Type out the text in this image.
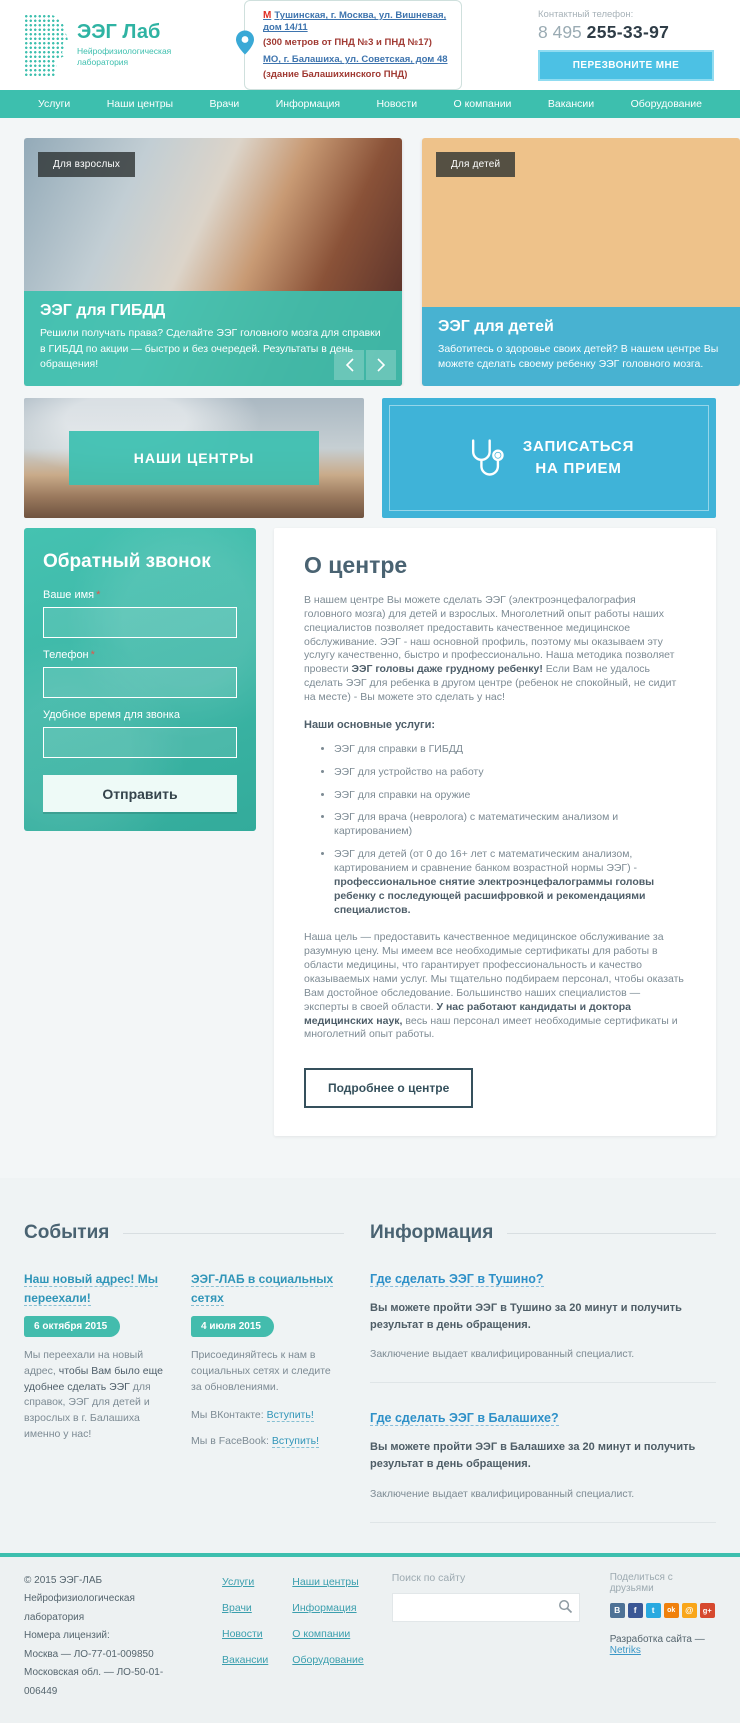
ЭЭГ Лаб
Нейрофизиологическая лаборатория
М Тушинская, г. Москва, ул. Вишневая, дом 14/11
(300 метров от ПНД №3 и ПНД №17)
МО, г. Балашиха, ул. Советская, дом 48
(здание Балашихинского ПНД)
Контактный телефон:
8 495 255-33-97
ПЕРЕЗВОНИТЕ МНЕ
Услуги	Наши центры	Врачи	Информация	Новости	О компании	Вакансии	Оборудование
Для взрослых
ЭЭГ для ГИБДД
Решили получать права? Сделайте ЭЭГ головного мозга для справки в ГИБДД по акции — быстро и без очередей. Результаты в день обращения!
Для детей
ЭЭГ для детей
Заботитесь о здоровье своих детей? В нашем центре Вы можете сделать своему ребенку ЭЭГ головного мозга.
НАШИ ЦЕНТРЫ
ЗАПИСАТЬСЯ
НА ПРИЕМ
Обратный звонок
Ваше имя *
Телефон *
Удобное время для звонка
Отправить
О центре

В нашем центре Вы можете сделать ЭЭГ (электроэнцефалография головного мозга) для детей и взрослых. Многолетний опыт работы наших специалистов позволяет предоставить качественное медицинское обслуживание. ЭЭГ - наш основной профиль, поэтому мы оказываем эту услугу качественно, быстро и профессионально. Наша методика позволяет провести ЭЭГ головы даже грудному ребенку! Если Вам не удалось сделать ЭЭГ для ребенка в другом центре (ребенок не спокойный, не сидит на месте) - Вы можете это сделать у нас!

Наши основные услуги:
• ЭЭГ для справки в ГИБДД
• ЭЭГ для устройство на работу
• ЭЭГ для справки на оружие
• ЭЭГ для врача (невролога) с математическим анализом и картированием)
• ЭЭГ для детей (от 0 до 16+ лет с математическим анализом, картированием и сравнение банком возрастной нормы ЭЭГ) - профессиональное снятие электроэнцефалограммы головы ребенку с последующей расшифровкой и рекомендациями специалистов.

Наша цель — предоставить качественное медицинское обслуживание за разумную цену. Мы имеем все необходимые сертификаты для работы в области медицины, что гарантирует профессиональность и качество оказываемых нами услуг. Мы тщательно подбираем персонал, чтобы оказать Вам достойное обследование. Большинство наших специалистов — эксперты в своей области. У нас работают кандидаты и доктора медицинских наук, весь наш персонал имеет необходимые сертификаты и многолетний опыт работы.

Подробнее о центре
События
Наш новый адрес! Мы переехали!
6 октября 2015
Мы переехали на новый адрес, чтобы Вам было еще удобнее сделать ЭЭГ для справок, ЭЭГ для детей и взрослых в г. Балашиха именно у нас!
ЭЭГ-ЛАБ в социальных сетях
4 июля 2015
Присоединяйтесь к нам в социальных сетях и следите за обновлениями.
Мы ВКонтакте: Вступить!
Мы в FaceBook: Вступить!
Информация
Где сделать ЭЭГ в Тушино?
Вы можете пройти ЭЭГ в Тушино за 20 минут и получить результат в день обращения.
Заключение выдает квалифицированный специалист.
Где сделать ЭЭГ в Балашихе?
Вы можете пройти ЭЭГ в Балашихе за 20 минут и получить результат в день обращения.
Заключение выдает квалифицированный специалист.
© 2015 ЭЭГ-ЛАБ
Нейрофизиологическая лаборатория
Номера лицензий:
Москва — ЛО-77-01-009850
Московская обл. — ЛО-50-01-006449
Услуги
Врачи
Новости
Вакансии
Наши центры
Информация
О компании
Оборудование
Поиск по сайту	Поделиться с друзьями
В	f	t	ok	@	g+
Разработка сайта — Netriks
